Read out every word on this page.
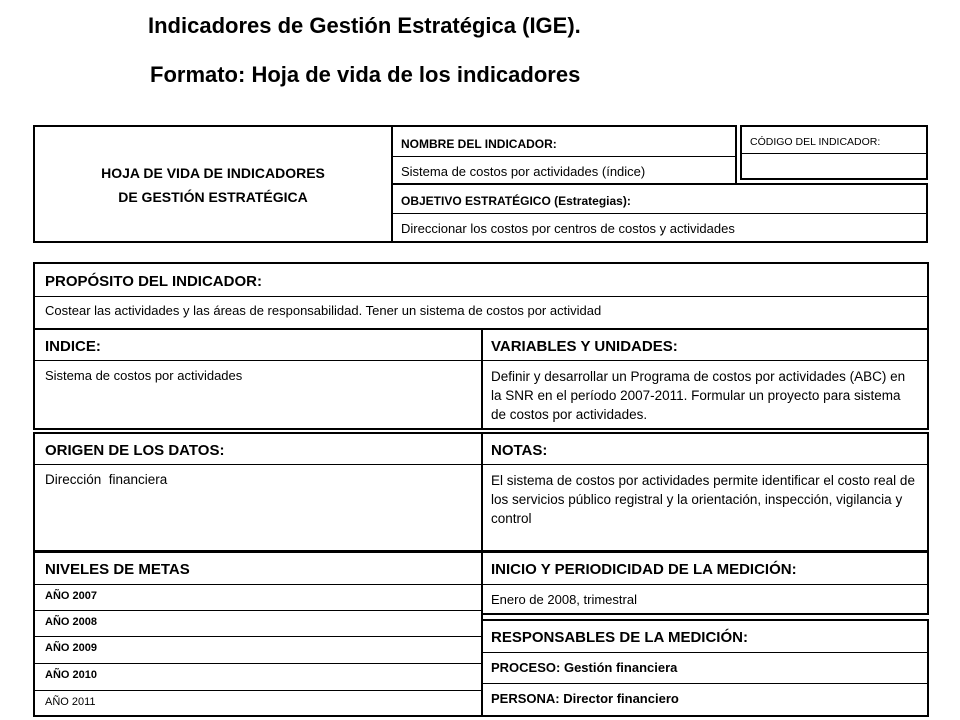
Indicadores de Gestión Estratégica (IGE).
Formato: Hoja de vida de los indicadores
HOJA DE VIDA DE INDICADORES
DE GESTIÓN ESTRATÉGICA	OBJETIVO ESTRATÉGICO (Estrategias):
Direccionar los costos por centros de costos y actividades
NOMBRE DEL INDICADOR:
Sistema de costos por actividades (índice)
CÓDIGO DEL INDICADOR:
PROPÓSITO DEL INDICADOR:
Costear las actividades y las áreas de responsabilidad. Tener un sistema de costos por actividad
INDICE:
Sistema de costos por actividades
VARIABLES Y UNIDADES:
Definir y desarrollar un Programa de costos por actividades (ABC) en la SNR en el período 2007-2011. Formular un proyecto para sistema de costos por actividades.
ORIGEN DE LOS DATOS:
Dirección  financiera
NOTAS:
El sistema de costos por actividades permite identificar el costo real de los servicios público registral y la orientación, inspección, vigilancia y control
NIVELES DE METAS
AÑO 2007
AÑO 2008
AÑO 2009
AÑO 2010
AÑO 2011
INICIO Y PERIODICIDAD DE LA MEDICIÓN:
Enero de 2008, trimestral
RESPONSABLES DE LA MEDICIÓN:
PROCESO: Gestión financiera
PERSONA: Director financiero
